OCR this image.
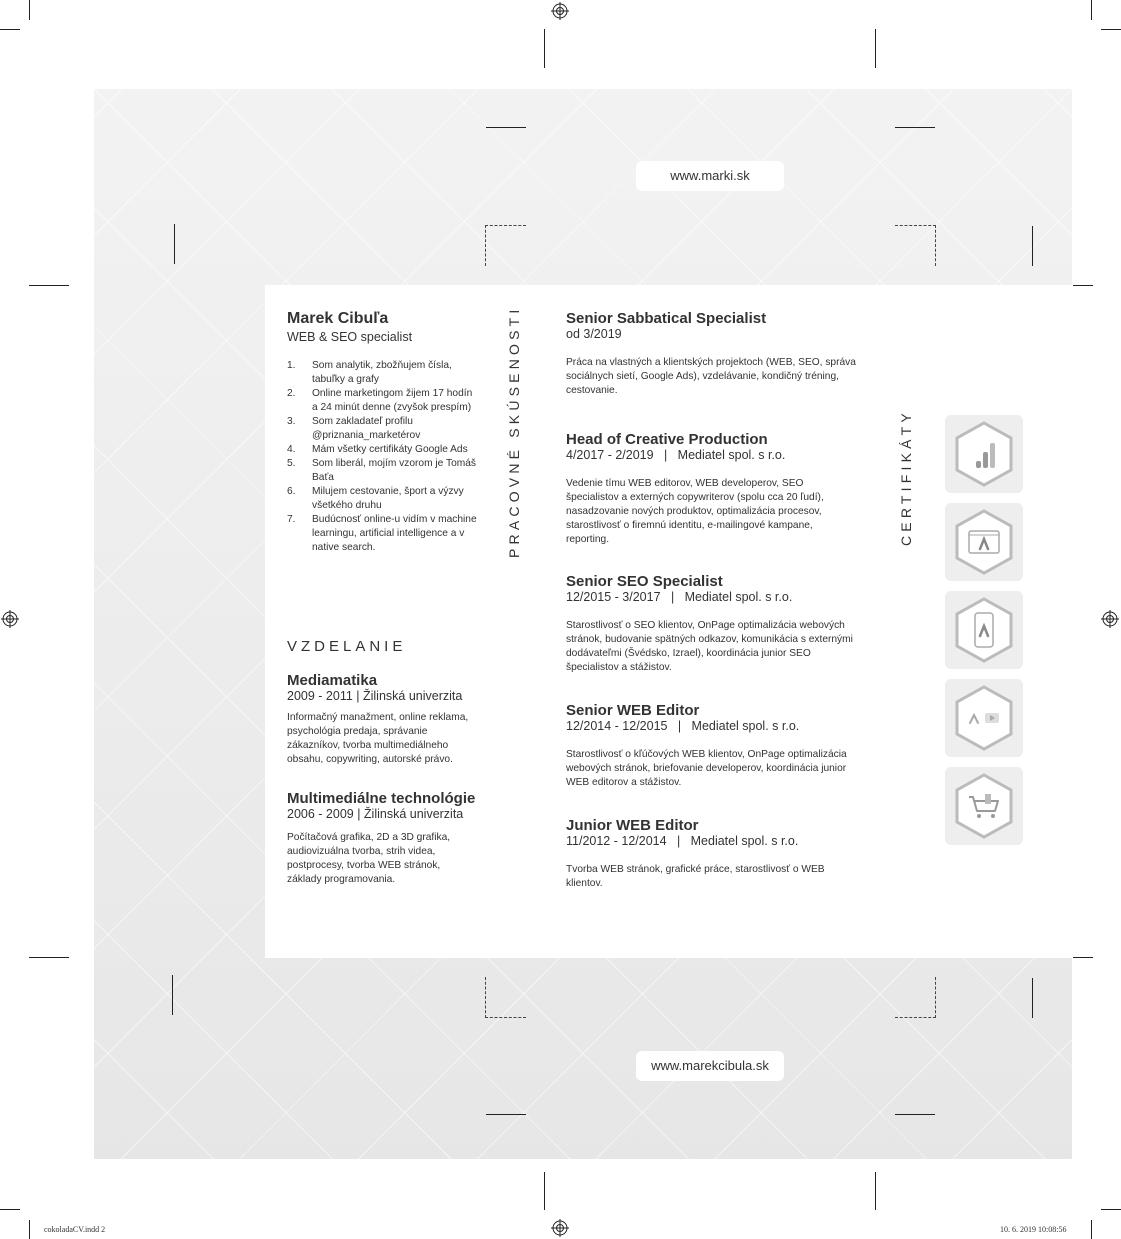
www.marki.sk
www.marekcibula.sk
Marek Cibuľa
WEB & SEO specialist
1.	Som analytik, zbožňujem čísla, tabuľky a grafy
2.	Online marketingom žijem 17 hodín a 24 minút denne (zvyšok prespím)
3.	Som zakladateľ profilu @priznania_marketérov
4.	Mám všetky certifikáty Google Ads
5.	Som liberál, mojím vzorom je Tomáš Baťa
6.	Milujem cestovanie, šport a výzvy všetkého druhu
7.	Budúcnosť online-u vidím v machine learningu, artificial intelligence a v native search.
VZDELANIE
Mediamatika
2009 - 2011 | Žilinská univerzita
Informačný manažment, online reklama, psychológia predaja, správanie zákazníkov, tvorba multimediálneho obsahu, copywriting, autorské právo.
Multimediálne technológie
2006 - 2009 | Žilinská univerzita
Počítačová grafika, 2D a 3D grafika, audiovizuálna tvorba, strih videa, postprocesy, tvorba WEB stránok, základy programovania.
PRACOVNÉ SKÚSENOSTI	CERTIFIKÁTY
Senior Sabbatical Specialist
od 3/2019
Práca na vlastných a klientských projektoch (WEB, SEO, správa sociálnych sietí, Google Ads), vzdelávanie, kondičný tréning, cestovanie.
Head of Creative Production
4/2017 - 2/2019   |   Mediatel spol. s r.o.
Vedenie tímu WEB editorov, WEB developerov, SEO špecialistov a externých copywriterov (spolu cca 20 ľudí), nasadzovanie nových produktov, optimalizácia procesov, starostlivosť o firemnú identitu, e-mailingové kampane, reporting.
Senior SEO Specialist
12/2015 - 3/2017   |   Mediatel spol. s r.o.
Starostlivosť o SEO klientov, OnPage optimalizácia webových stránok, budovanie spätných odkazov, komunikácia s externými dodávateľmi (Švédsko, Izrael), koordinácia junior SEO špecialistov a stážistov.
Senior WEB Editor
12/2014 - 12/2015   |   Mediatel spol. s r.o.
Starostlivosť o kľúčových WEB klientov, OnPage optimalizácia webových stránok, briefovanie developerov, koordinácia junior WEB editorov a stážistov.
Junior WEB Editor
11/2012 - 12/2014   |   Mediatel spol. s r.o.
Tvorba WEB stránok, grafické práce, starostlivosť o WEB klientov.
cokoladaCV.indd 2	10. 6. 2019 10:08:56
